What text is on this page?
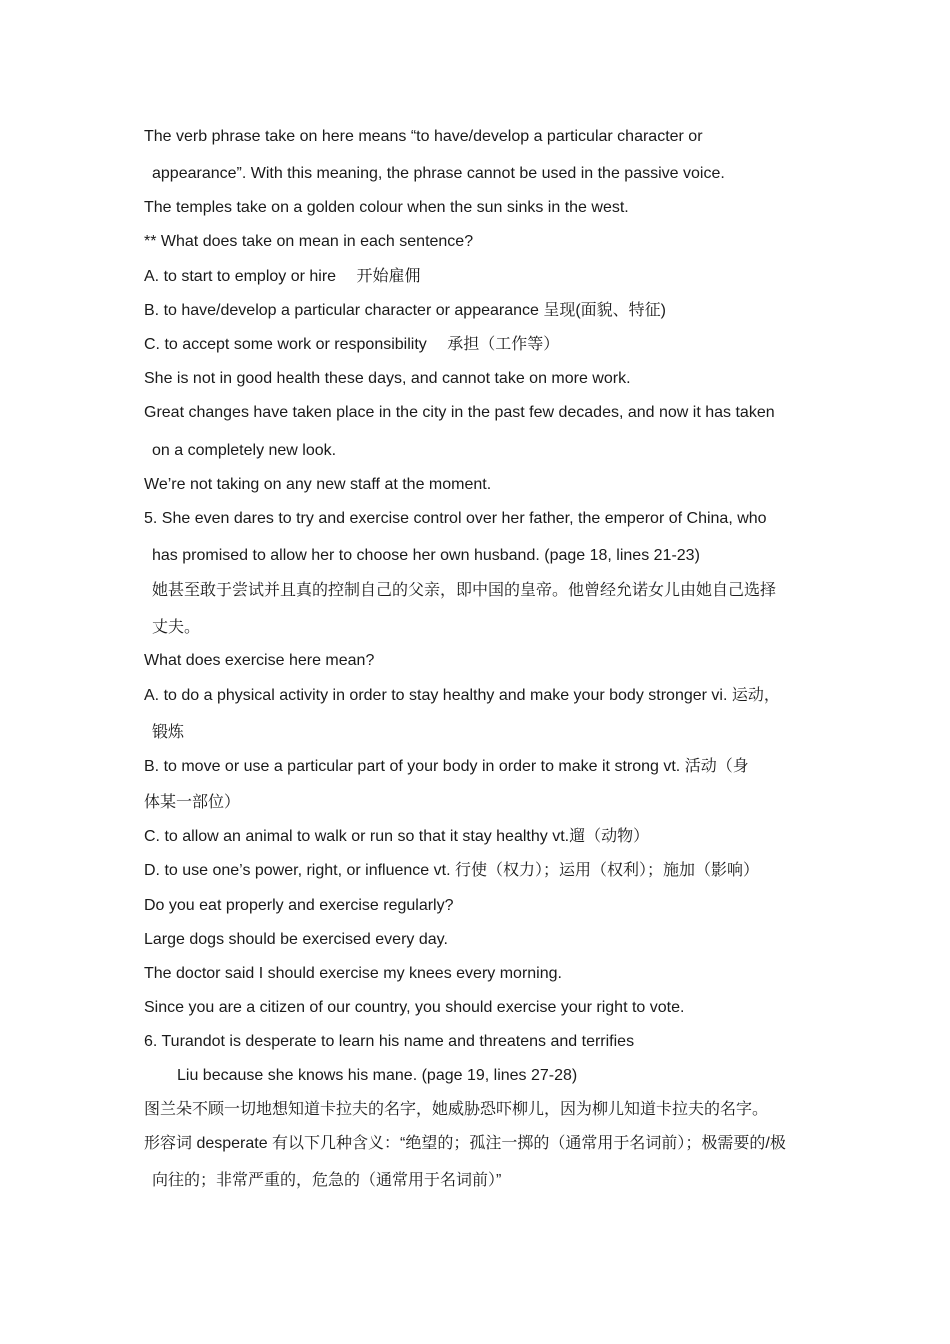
The verb phrase take on here means “to have/develop a particular character or
appearance”. With this meaning, the phrase cannot be used in the passive voice.
The temples take on a golden colour when the sun sinks in the west.
** What does take on mean in each sentence?
A. to start to employ or hire　 开始雇佣
B. to have/develop a particular character or appearance 呈现(面貌、特征)
C. to accept some work or responsibility　 承担（工作等）
She is not in good health these days, and cannot take on more work.
Great changes have taken place in the city in the past few decades, and now it has taken
on a completely new look.
We’re not taking on any new staff at the moment.
5. She even dares to try and exercise control over her father, the emperor of China, who
has promised to allow her to choose her own husband. (page 18, lines 21-23)
她甚至敢于尝试并且真的控制自己的父亲，即中国的皇帝。他曾经允诺女儿由她自己选择
丈夫。
What does exercise here mean?
A. to do a physical activity in order to stay healthy and make your body stronger vi. 运动，
锻炼
B. to move or use a particular part of your body in order to make it strong vt. 活动（身
体某一部位）
C. to allow an animal to walk or run so that it stay healthy vt.遛（动物）
D. to use one’s power, right, or influence vt. 行使（权力）；运用（权利）；施加（影响）
Do you eat properly and exercise regularly?
Large dogs should be exercised every day.
The doctor said I should exercise my knees every morning.
Since you are a citizen of our country, you should exercise your right to vote.
6. Turandot is desperate to learn his name and threatens and terrifies
Liu because she knows his mane. (page 19, lines 27-28)
图兰朵不顾一切地想知道卡拉夫的名字，她威胁恐吓柳儿，因为柳儿知道卡拉夫的名字。
形容词 desperate 有以下几种含义：“绝望的；孤注一掷的（通常用于名词前）；极需要的/极
向往的；非常严重的，危急的（通常用于名词前）”
